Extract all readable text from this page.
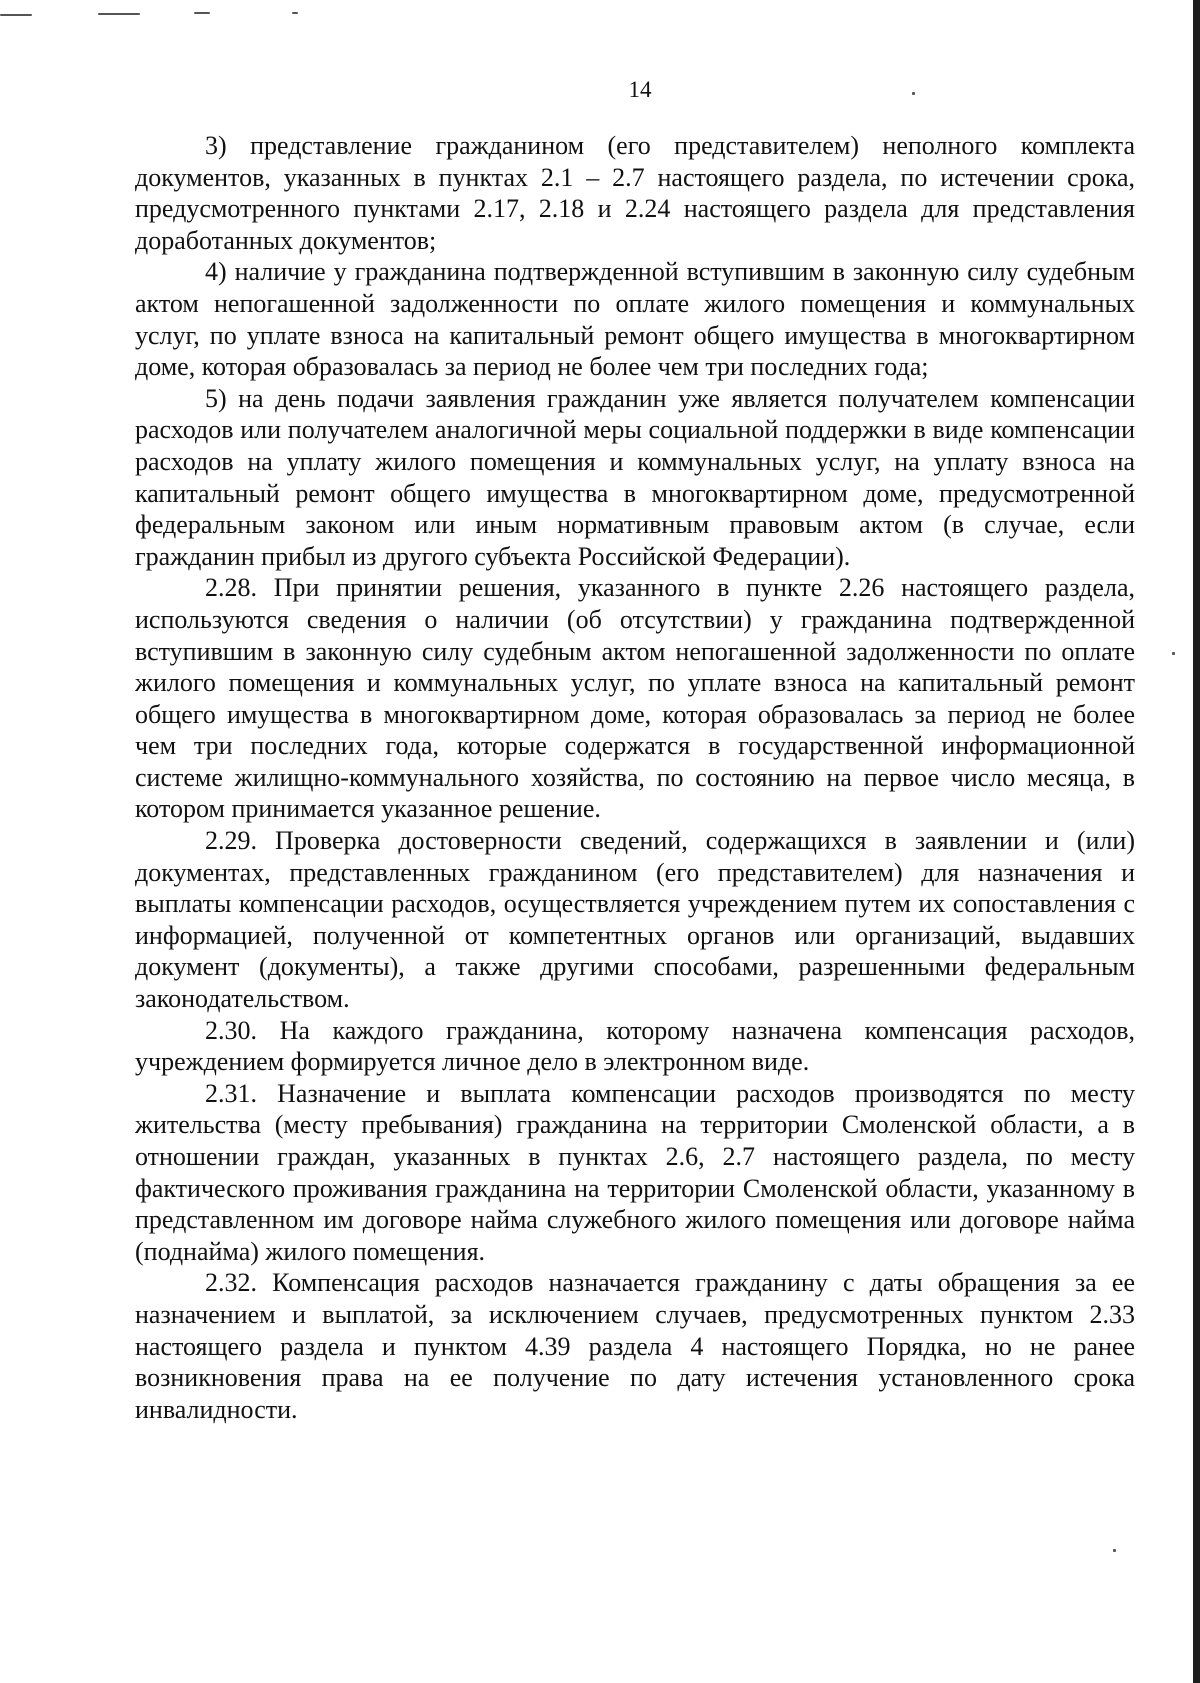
14

3) представление гражданином (его представителем) неполного комплекта документов, указанных в пунктах 2.1 – 2.7 настоящего раздела, по истечении срока, предусмотренного пунктами 2.17, 2.18 и 2.24 настоящего раздела для представления доработанных документов;

4) наличие у гражданина подтвержденной вступившим в законную силу судебным актом непогашенной задолженности по оплате жилого помещения и коммунальных услуг, по уплате взноса на капитальный ремонт общего имущества в многоквартирном доме, которая образовалась за период не более чем три последних года;

5) на день подачи заявления гражданин уже является получателем компенсации расходов или получателем аналогичной меры социальной поддержки в виде компенсации расходов на уплату жилого помещения и коммунальных услуг, на уплату взноса на капитальный ремонт общего имущества в многоквартирном доме, предусмотренной федеральным законом или иным нормативным правовым актом (в случае, если гражданин прибыл из другого субъекта Российской Федерации).

2.28. При принятии решения, указанного в пункте 2.26 настоящего раздела, используются сведения о наличии (об отсутствии) у гражданина подтвержденной вступившим в законную силу судебным актом непогашенной задолженности по оплате жилого помещения и коммунальных услуг, по уплате взноса на капитальный ремонт общего имущества в многоквартирном доме, которая образовалась за период не более чем три последних года, которые содержатся в государственной информационной системе жилищно-коммунального хозяйства, по состоянию на первое число месяца, в котором принимается указанное решение.

2.29. Проверка достоверности сведений, содержащихся в заявлении и (или) документах, представленных гражданином (его представителем) для назначения и выплаты компенсации расходов, осуществляется учреждением путем их сопоставления с информацией, полученной от компетентных органов или организаций, выдавших документ (документы), а также другими способами, разрешенными федеральным законодательством.

2.30. На каждого гражданина, которому назначена компенсация расходов, учреждением формируется личное дело в электронном виде.

2.31. Назначение и выплата компенсации расходов производятся по месту жительства (месту пребывания) гражданина на территории Смоленской области, а в отношении граждан, указанных в пунктах 2.6, 2.7 настоящего раздела, по месту фактического проживания гражданина на территории Смоленской области, указанному в представленном им договоре найма служебного жилого помещения или договоре найма (поднайма) жилого помещения.

2.32. Компенсация расходов назначается гражданину с даты обращения за ее назначением и выплатой, за исключением случаев, предусмотренных пунктом 2.33 настоящего раздела и пунктом 4.39 раздела 4 настоящего Порядка, но не ранее возникновения права на ее получение по дату истечения установленного срока инвалидности.
